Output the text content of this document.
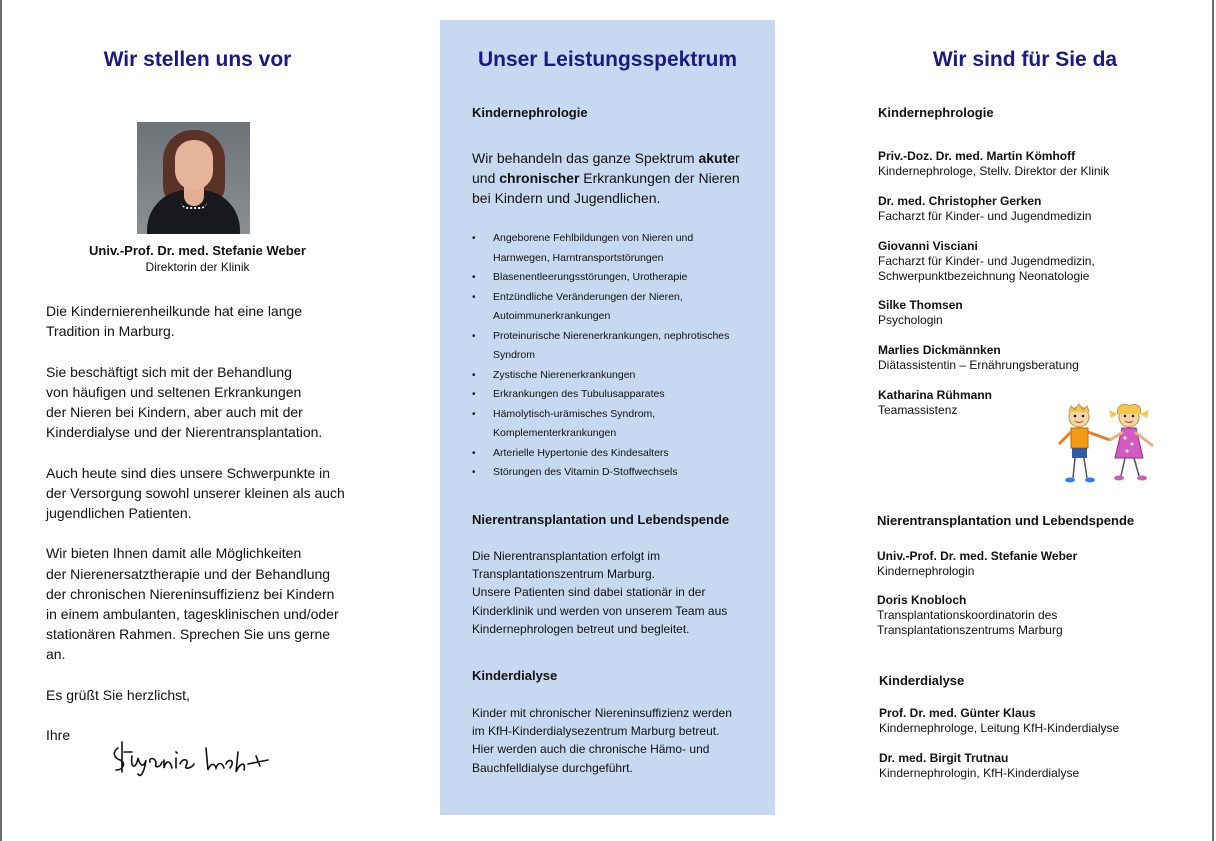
Wir stellen uns vor
Univ.-Prof. Dr. med. Stefanie Weber
Direktorin der Klinik

Die Kindernierenheilkunde hat eine lange
Tradition in Marburg.

Sie beschäftigt sich mit der Behandlung
von häufigen und seltenen Erkrankungen
der Nieren bei Kindern, aber auch mit der
Kinderdialyse und der Nierentransplantation.

Auch heute sind dies unsere Schwerpunkte in
der Versorgung sowohl unserer kleinen als auch
jugendlichen Patienten.

Wir bieten Ihnen damit alle Möglichkeiten
der Nierenersatztherapie und der Behandlung
der chronischen Niereninsuffizienz bei Kindern
in einem ambulanten, tagesklinischen und/oder
stationären Rahmen. Sprechen Sie uns gerne
an.

Es grüßt Sie herzlichst,

Ihre

Unser Leistungsspektrum
Kindernephrologie
Wir behandeln das ganze Spektrum akuter
und chronischer Erkrankungen der Nieren
bei Kindern und Jugendlichen.
• Angeborene Fehlbildungen von Nieren und
Harnwegen, Harntransportstörungen
• Blasenentleerungsstörungen, Urotherapie
• Entzündliche Veränderungen der Nieren,
Autoimmunerkrankungen
• Proteinurische Nierenerkrankungen, nephrotisches
Syndrom
• Zystische Nierenerkrankungen
• Erkrankungen des Tubulusapparates
• Hämolytisch-urämisches Syndrom,
Komplementerkrankungen
• Arterielle Hypertonie des Kindesalters
• Störungen des Vitamin D-Stoffwechsels
Nierentransplantation und Lebendspende
Die Nierentransplantation erfolgt im
Transplantationszentrum Marburg.
Unsere Patienten sind dabei stationär in der
Kinderklinik und werden von unserem Team aus
Kindernephrologen betreut und begleitet.
Kinderdialyse
Kinder mit chronischer Niereninsuffizienz werden
im KfH-Kinderdialysezentrum Marburg betreut.
Hier werden auch die chronische Hämo- und
Bauchfelldialyse durchgeführt.
Wir sind für Sie da
Kindernephrologie
Priv.-Doz. Dr. med. Martin Kömhoff
Kindernephrologe, Stellv. Direktor der Klinik
Dr. med. Christopher Gerken
Facharzt für Kinder- und Jugendmedizin
Giovanni Visciani
Facharzt für Kinder- und Jugendmedizin,
Schwerpunktbezeichnung Neonatologie
Silke Thomsen
Psychologin
Marlies Dickmännken
Diätassistentin – Ernährungsberatung
Katharina Rühmann
Teamassistenz
Nierentransplantation und Lebendspende
Univ.-Prof. Dr. med. Stefanie Weber
Kindernephrologin
Doris Knobloch
Transplantationskoordinatorin des
Transplantationszentrums Marburg
Kinderdialyse
Prof. Dr. med. Günter Klaus
Kindernephrologe, Leitung KfH-Kinderdialyse
Dr. med. Birgit Trutnau
Kindernephrologin, KfH-Kinderdialyse
